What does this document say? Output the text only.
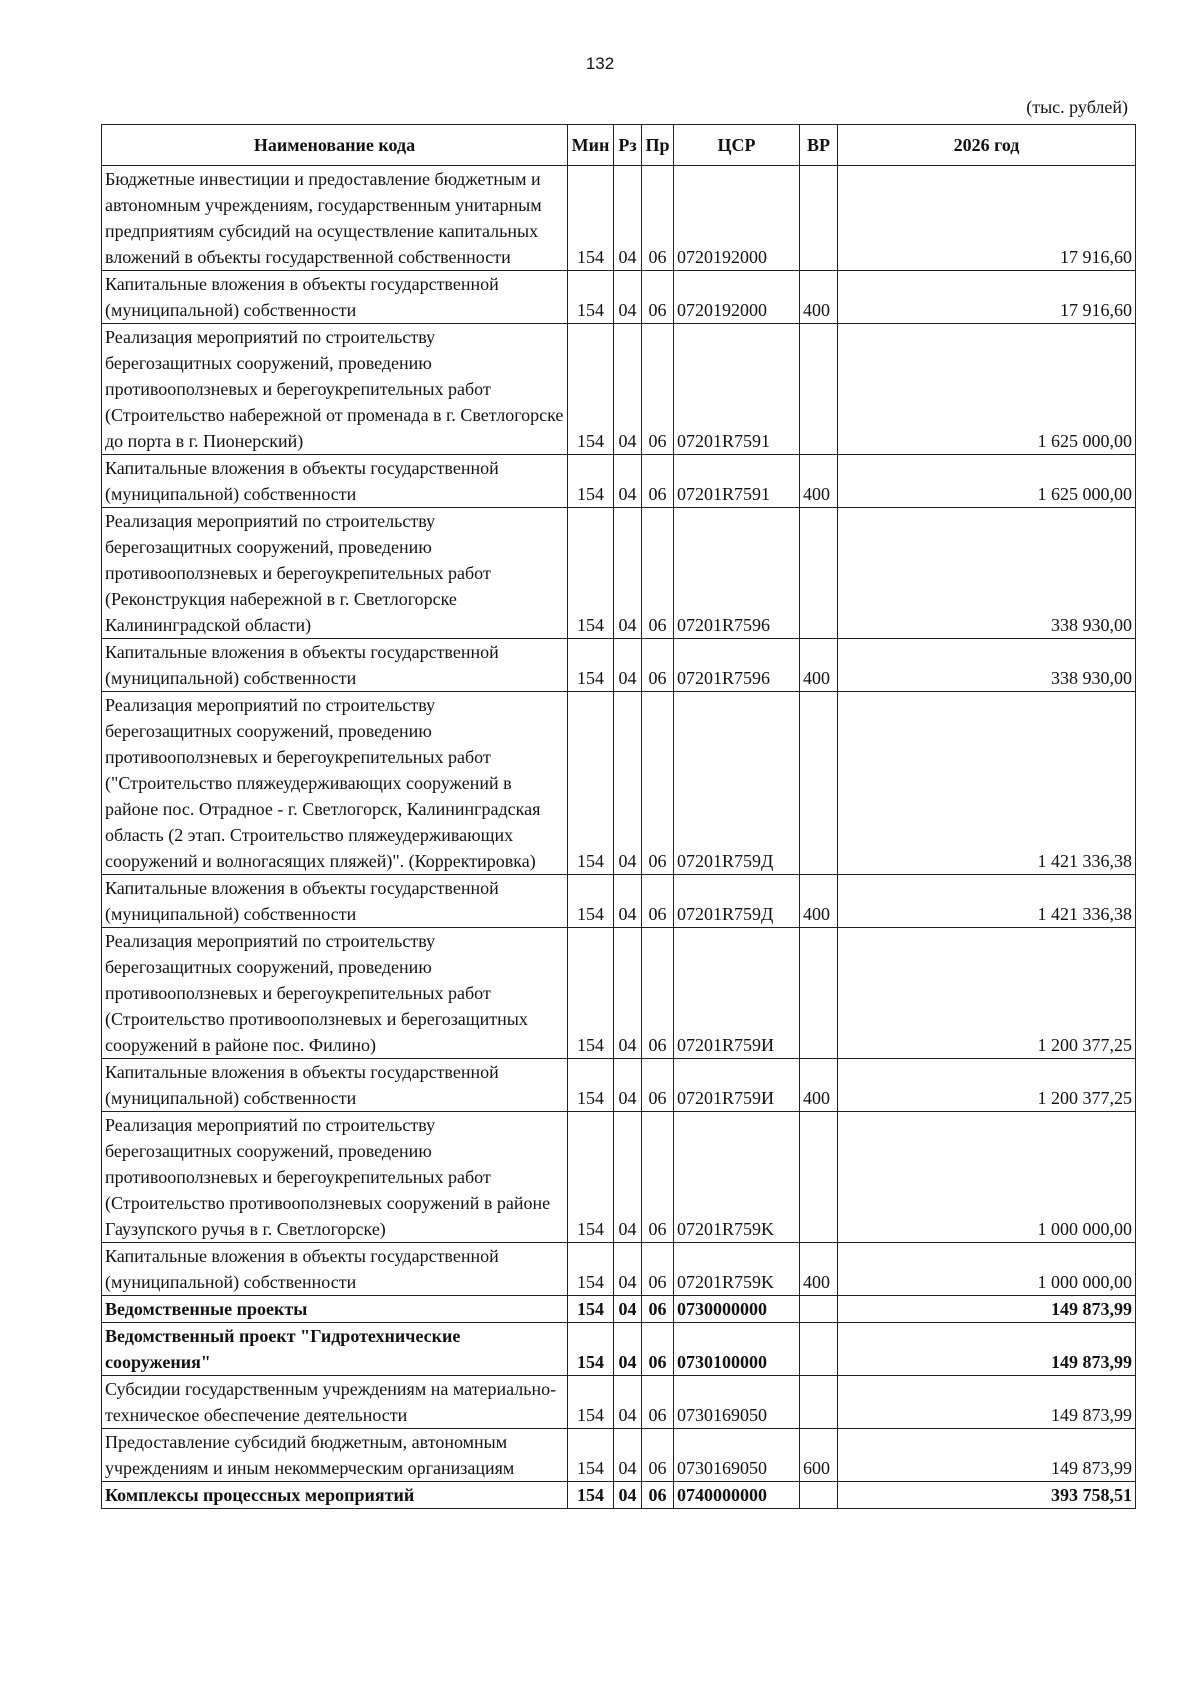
132
(тыс. рублей)
Наименование кода	Мин	Рз	Пр	ЦСР	ВР	2026 год
Бюджетные инвестиции и предоставление бюджетным и автономным учреждениям, государственным унитарным предприятиям субсидий на осуществление капитальных вложений в объекты государственной собственности	154	04	06	0720192000		17 916,60
Капитальные вложения в объекты государственной (муниципальной) собственности	154	04	06	0720192000	400	17 916,60
Реализация мероприятий по строительству берегозащитных сооружений, проведению противооползневых и берегоукрепительных работ (Строительство набережной от променада в г. Светлогорске до порта в г. Пионерский)	154	04	06	07201R7591		1 625 000,00
Капитальные вложения в объекты государственной (муниципальной) собственности	154	04	06	07201R7591	400	1 625 000,00
Реализация мероприятий по строительству берегозащитных сооружений, проведению противооползневых и берегоукрепительных работ (Реконструкция набережной в г. Светлогорске Калининградской области)	154	04	06	07201R7596		338 930,00
Капитальные вложения в объекты государственной (муниципальной) собственности	154	04	06	07201R7596	400	338 930,00
Реализация мероприятий по строительству берегозащитных сооружений, проведению противооползневых и берегоукрепительных работ ("Строительство пляжеудерживающих сооружений в районе пос. Отрадное - г. Светлогорск, Калининградская область (2 этап. Строительство пляжеудерживающих сооружений и волногасящих пляжей)". (Корректировка)	154	04	06	07201R759Д		1 421 336,38
Капитальные вложения в объекты государственной (муниципальной) собственности	154	04	06	07201R759Д	400	1 421 336,38
Реализация мероприятий по строительству берегозащитных сооружений, проведению противооползневых и берегоукрепительных работ (Строительство противооползневых и берегозащитных сооружений в районе пос. Филино)	154	04	06	07201R759И		1 200 377,25
Капитальные вложения в объекты государственной (муниципальной) собственности	154	04	06	07201R759И	400	1 200 377,25
Реализация мероприятий по строительству берегозащитных сооружений, проведению противооползневых и берегоукрепительных работ (Строительство противооползневых сооружений в районе Гаузупского ручья в г. Светлогорске)	154	04	06	07201R759K		1 000 000,00
Капитальные вложения в объекты государственной (муниципальной) собственности	154	04	06	07201R759K	400	1 000 000,00
Ведомственные проекты	154	04	06	0730000000		149 873,99
Ведомственный проект "Гидротехнические сооружения"	154	04	06	0730100000		149 873,99
Субсидии государственным учреждениям на материально-техническое обеспечение деятельности	154	04	06	0730169050		149 873,99
Предоставление субсидий бюджетным, автономным учреждениям и иным некоммерческим организациям	154	04	06	0730169050	600	149 873,99
Комплексы процессных мероприятий	154	04	06	0740000000		393 758,51
